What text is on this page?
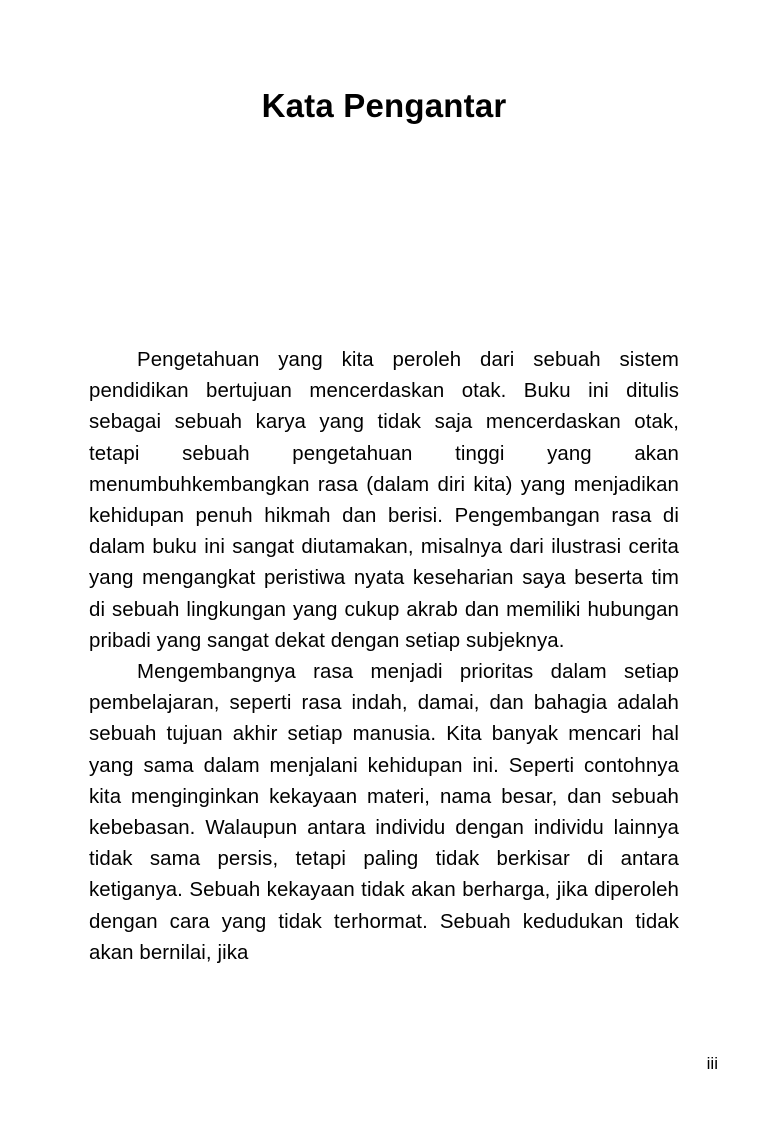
Kata Pengantar

Pengetahuan yang kita peroleh dari sebuah sistem pendidikan bertujuan mencerdaskan otak. Buku ini ditulis sebagai sebuah karya yang tidak saja mencerdaskan otak, tetapi sebuah pengetahuan tinggi yang akan menumbuhkembangkan rasa (dalam diri kita) yang menjadikan kehidupan penuh hikmah dan berisi. Pengembangan rasa di dalam buku ini sangat diutamakan, misalnya dari ilustrasi cerita yang mengangkat peristiwa nyata keseharian saya beserta tim di sebuah lingkungan yang cukup akrab dan memiliki hubungan pribadi yang sangat dekat dengan setiap subjeknya.

Mengembangnya rasa menjadi prioritas dalam setiap pembelajaran, seperti rasa indah, damai, dan bahagia adalah sebuah tujuan akhir setiap manusia. Kita banyak mencari hal yang sama dalam menjalani kehidupan ini. Seperti contohnya kita menginginkan kekayaan materi, nama besar, dan sebuah kebebasan. Walaupun antara individu dengan individu lainnya tidak sama persis, tetapi paling tidak berkisar di antara ketiganya. Sebuah kekayaan tidak akan berharga, jika diperoleh dengan cara yang tidak terhormat. Sebuah kedudukan tidak akan bernilai, jika

iii
